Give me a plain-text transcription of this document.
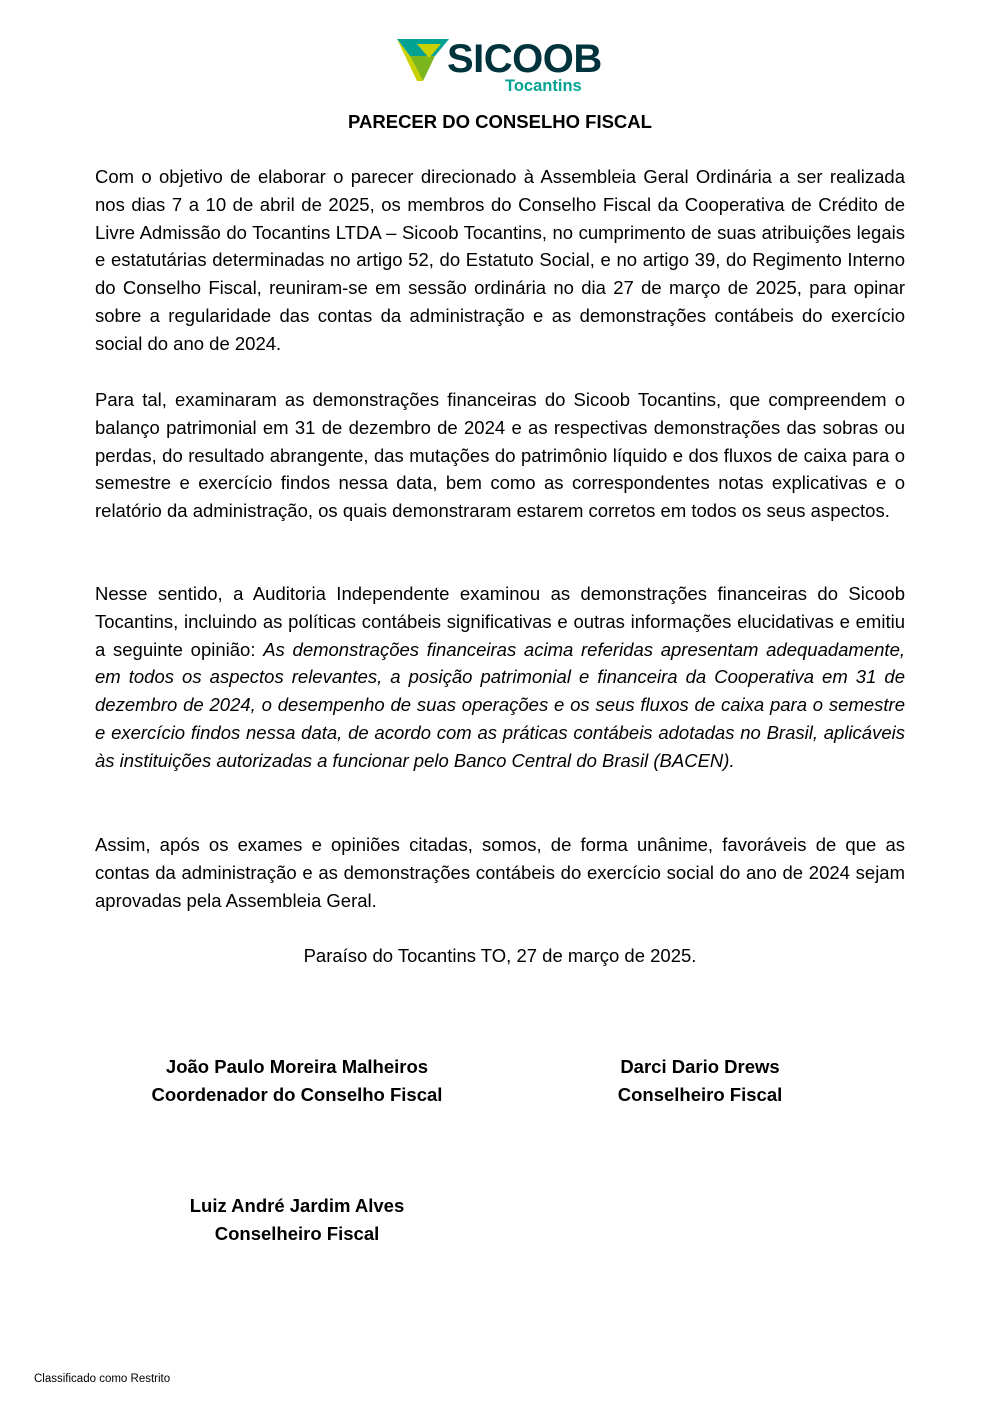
SICOOB
Tocantins
PARECER DO CONSELHO FISCAL

Com o objetivo de elaborar o parecer direcionado à Assembleia Geral Ordinária a ser realizada nos dias 7 a 10 de abril de 2025, os membros do Conselho Fiscal da Cooperativa de Crédito de Livre Admissão do Tocantins LTDA – Sicoob Tocantins, no cumprimento de suas atribuições legais e estatutárias determinadas no artigo 52, do Estatuto Social, e no artigo 39, do Regimento Interno do Conselho Fiscal, reuniram-se em sessão ordinária no dia 27 de março de 2025, para opinar sobre a regularidade das contas da administração e as demonstrações contábeis do exercício social do ano de 2024.

Para tal, examinaram as demonstrações financeiras do Sicoob Tocantins, que compreendem o balanço patrimonial em 31 de dezembro de 2024 e as respectivas demonstrações das sobras ou perdas, do resultado abrangente, das mutações do patrimônio líquido e dos fluxos de caixa para o semestre e exercício findos nessa data, bem como as correspondentes notas explicativas e o relatório da administração, os quais demonstraram estarem corretos em todos os seus aspectos.

Nesse sentido, a Auditoria Independente examinou as demonstrações financeiras do Sicoob Tocantins, incluindo as políticas contábeis significativas e outras informações elucidativas e emitiu a seguinte opinião: As demonstrações financeiras acima referidas apresentam adequadamente, em todos os aspectos relevantes, a posição patrimonial e financeira da Cooperativa em 31 de dezembro de 2024, o desempenho de suas operações e os seus fluxos de caixa para o semestre e exercício findos nessa data, de acordo com as práticas contábeis adotadas no Brasil, aplicáveis às instituições autorizadas a funcionar pelo Banco Central do Brasil (BACEN).

Assim, após os exames e opiniões citadas, somos, de forma unânime, favoráveis de que as contas da administração e as demonstrações contábeis do exercício social do ano de 2024 sejam aprovadas pela Assembleia Geral.

Paraíso do Tocantins TO, 27 de março de 2025.
João Paulo Moreira Malheiros
Coordenador do Conselho Fiscal
Darci Dario Drews
Conselheiro Fiscal
Luiz André Jardim Alves
Conselheiro Fiscal
Classificado como Restrito
